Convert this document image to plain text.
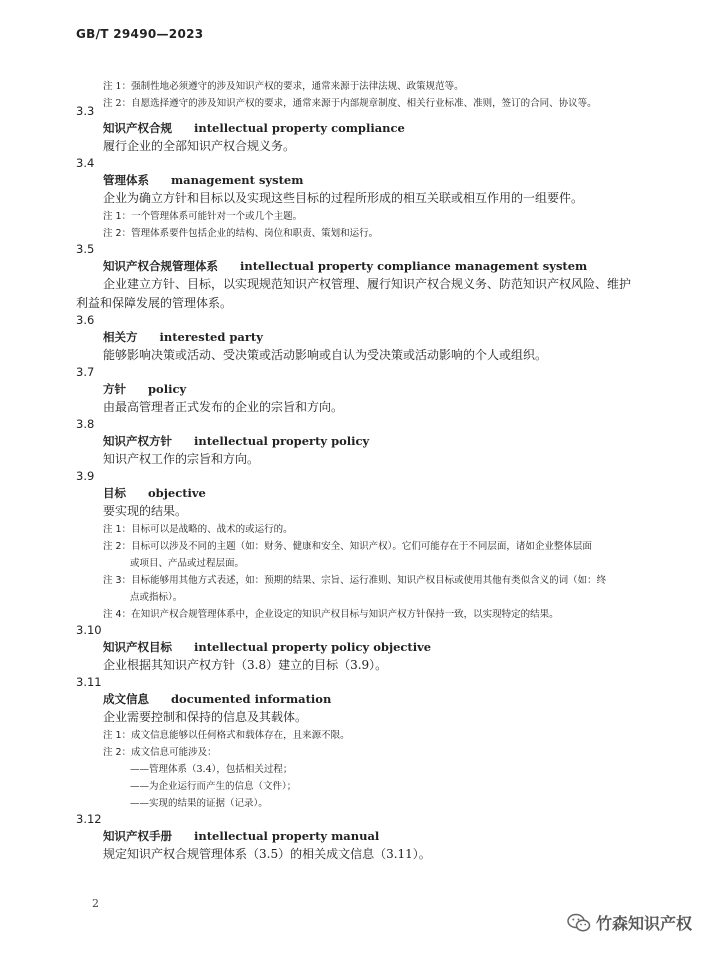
GB/T 29490—2023
注 1：强制性地必须遵守的涉及知识产权的要求，通常来源于法律法规、政策规范等。
注 2：自愿选择遵守的涉及知识产权的要求，通常来源于内部规章制度、相关行业标准、准则，签订的合同、协议等。
3.3
知识产权合规 intellectual property compliance
履行企业的全部知识产权合规义务。
3.4
管理体系 management system
企业为确立方针和目标以及实现这些目标的过程所形成的相互关联或相互作用的一组要件。
注 1：一个管理体系可能针对一个或几个主题。
注 2：管理体系要件包括企业的结构、岗位和职责、策划和运行。
3.5
知识产权合规管理体系 intellectual property compliance management system
企业建立方针、目标，以实现规范知识产权管理、履行知识产权合规义务、防范知识产权风险、维护
利益和保障发展的管理体系。
3.6
相关方 interested party
能够影响决策或活动、受决策或活动影响或自认为受决策或活动影响的个人或组织。
3.7
方针 policy
由最高管理者正式发布的企业的宗旨和方向。
3.8
知识产权方针 intellectual property policy
知识产权工作的宗旨和方向。
3.9
目标 objective
要实现的结果。
注 1：目标可以是战略的、战术的或运行的。
注 2：目标可以涉及不同的主题（如：财务、健康和安全、知识产权）。它们可能存在于不同层面，诸如企业整体层面
或项目、产品或过程层面。
注 3：目标能够用其他方式表述，如：预期的结果、宗旨、运行准则、知识产权目标或使用其他有类似含义的词（如：终
点或指标）。
注 4：在知识产权合规管理体系中，企业设定的知识产权目标与知识产权方针保持一致，以实现特定的结果。
3.10
知识产权目标 intellectual property policy objective
企业根据其知识产权方针（3.8）建立的目标（3.9）。
3.11
成文信息 documented information
企业需要控制和保持的信息及其载体。
注 1：成文信息能够以任何格式和载体存在，且来源不限。
注 2：成文信息可能涉及：
——管理体系（3.4），包括相关过程；
——为企业运行而产生的信息（文件）；
——实现的结果的证据（记录）。
3.12
知识产权手册 intellectual property manual
规定知识产权合规管理体系（3.5）的相关成文信息（3.11）。
2
竹森知识产权
